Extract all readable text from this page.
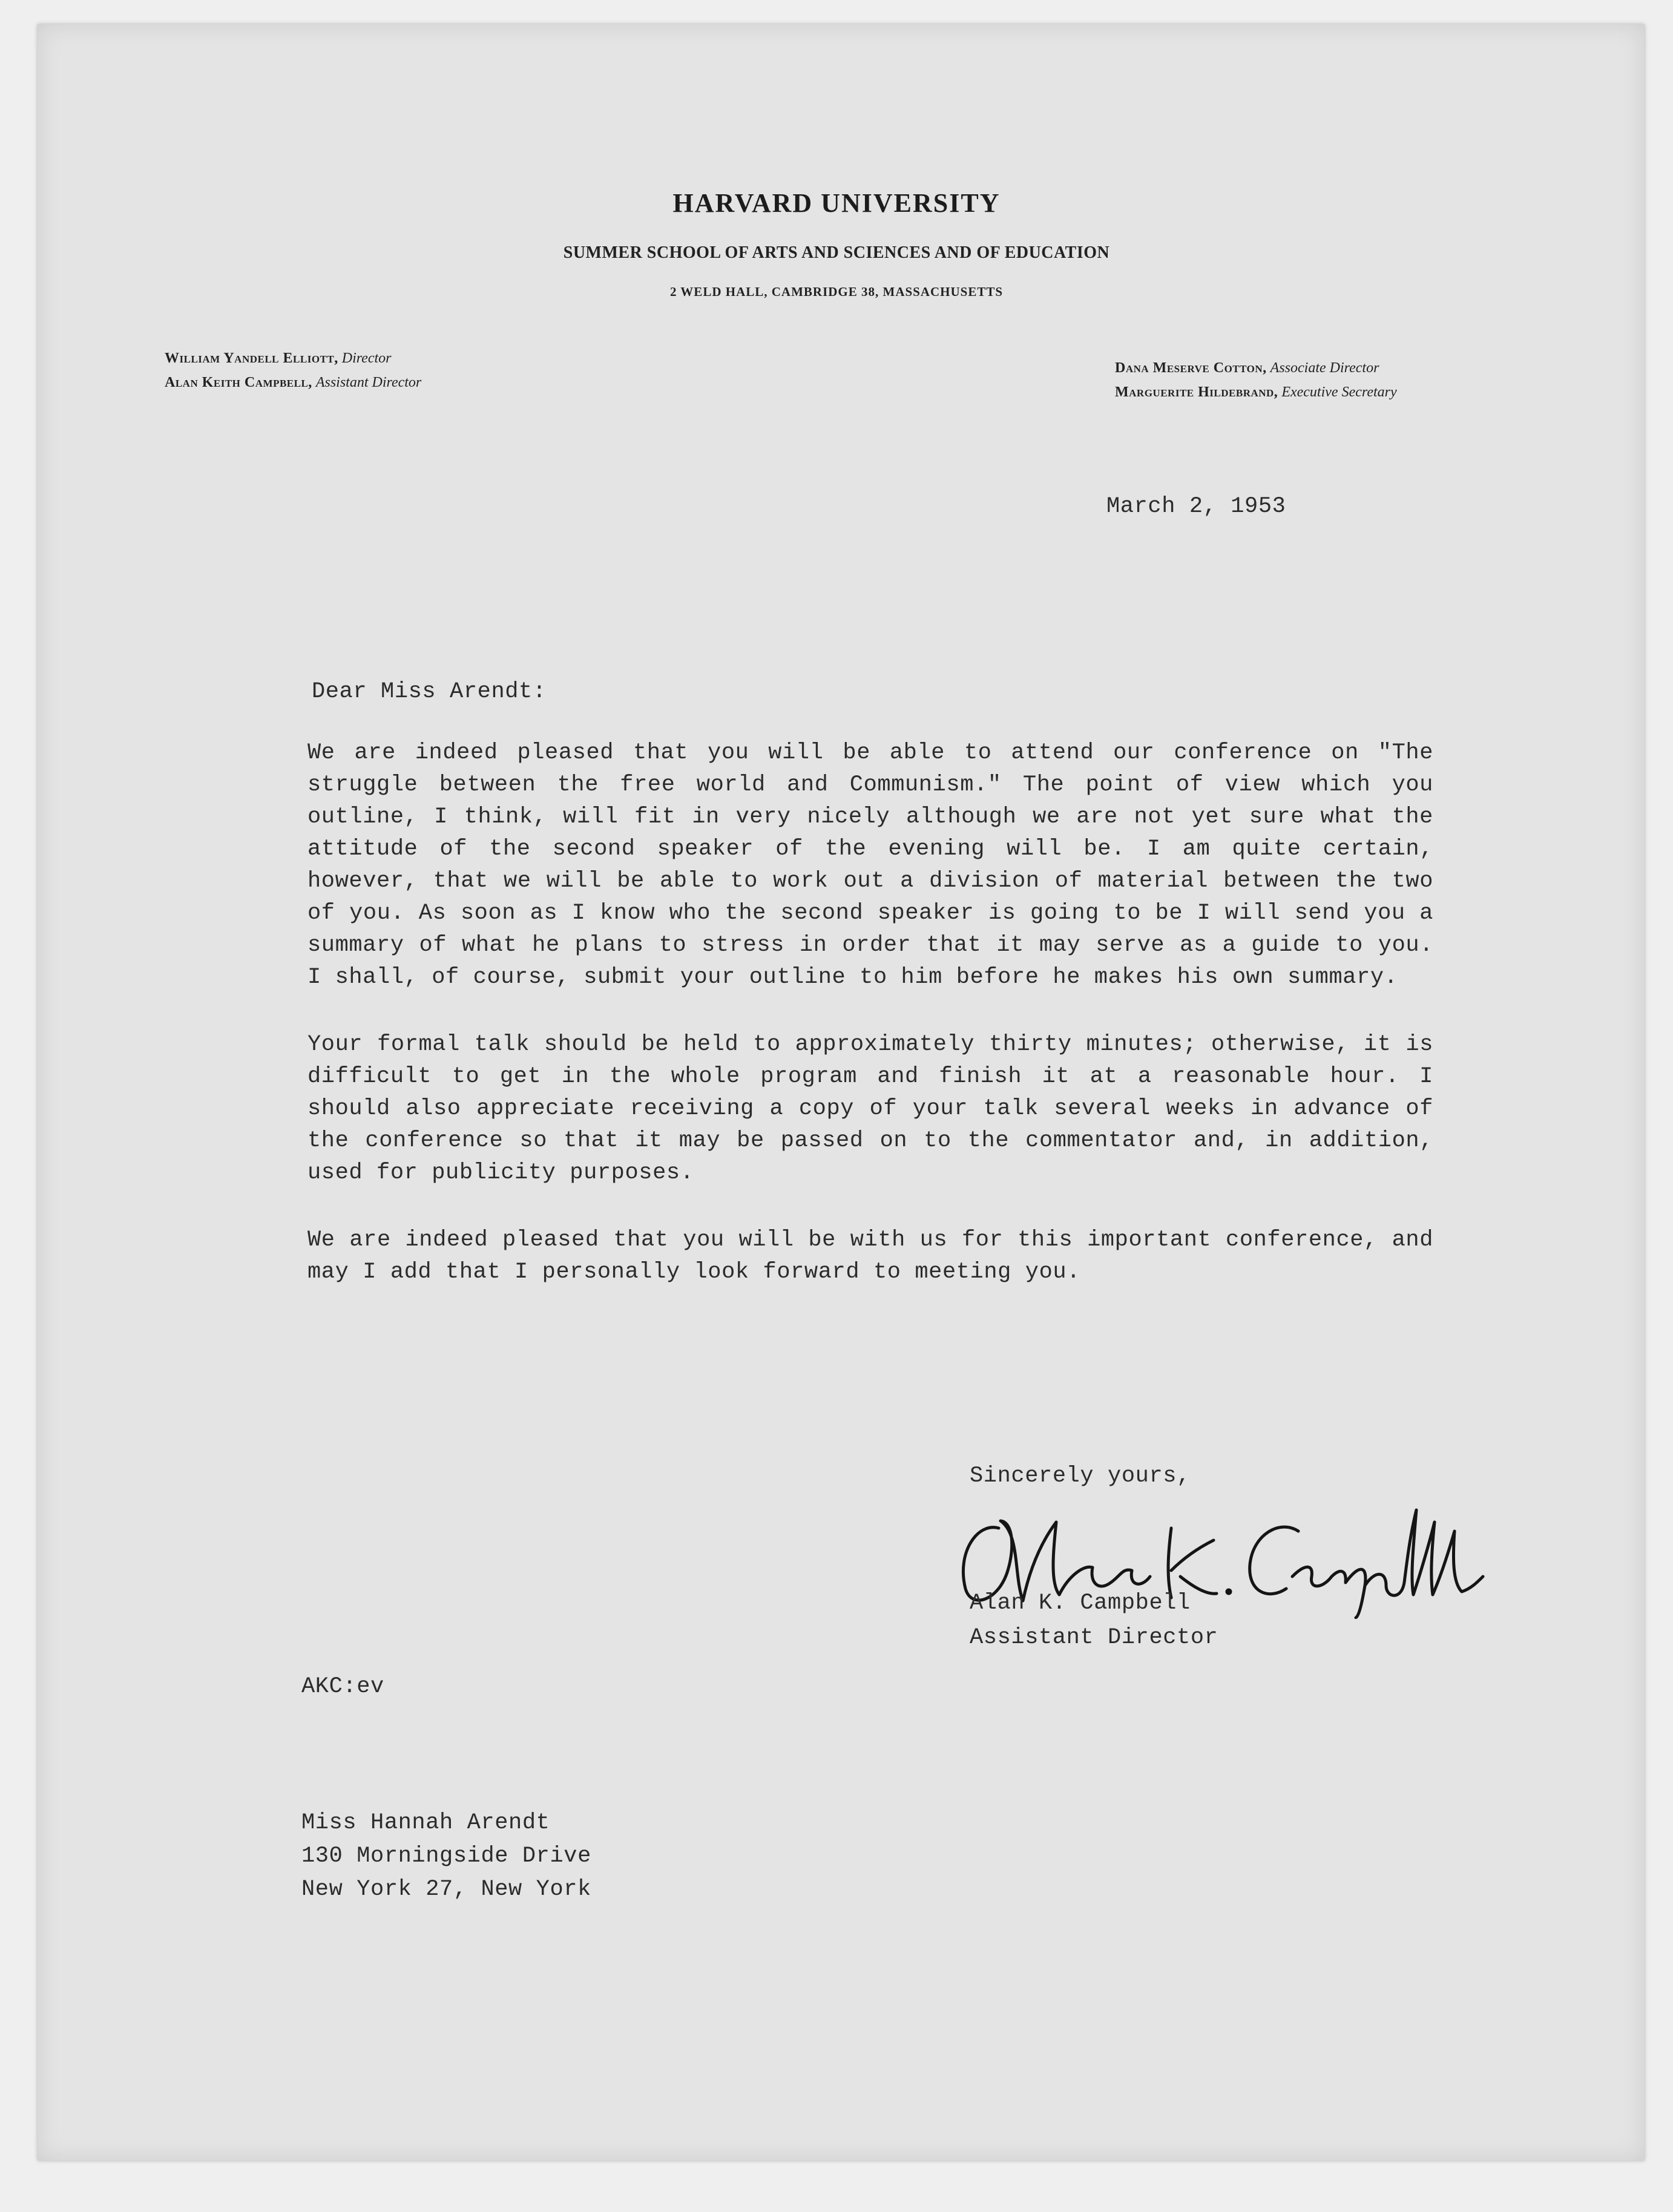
HARVARD UNIVERSITY
SUMMER SCHOOL OF ARTS AND SCIENCES AND OF EDUCATION
2 WELD HALL, CAMBRIDGE 38, MASSACHUSETTS
William Yandell Elliott, Director
Alan Keith Campbell, Assistant Director
Dana Meserve Cotton, Associate Director
Marguerite Hildebrand, Executive Secretary
March 2, 1953
Dear Miss Arendt:

We are indeed pleased that you will be able to attend our conference on "The struggle between the free world and Communism." The point of view which you outline, I think, will fit in very nicely although we are not yet sure what the attitude of the second speaker of the evening will be. I am quite certain, however, that we will be able to work out a division of material between the two of you. As soon as I know who the second speaker is going to be I will send you a summary of what he plans to stress in order that it may serve as a guide to you. I shall, of course, submit your outline to him before he makes his own summary.

Your formal talk should be held to approximately thirty minutes; otherwise, it is difficult to get in the whole program and finish it at a reasonable hour. I should also appreciate receiving a copy of your talk several weeks in advance of the conference so that it may be passed on to the commentator and, in addition, used for publicity purposes.

We are indeed pleased that you will be with us for this important conference, and may I add that I personally look forward to meeting you.

Sincerely yours,
Alan K. Campbell
Assistant Director
AKC:ev
Miss Hannah Arendt
130 Morningside Drive
New York 27, New York
